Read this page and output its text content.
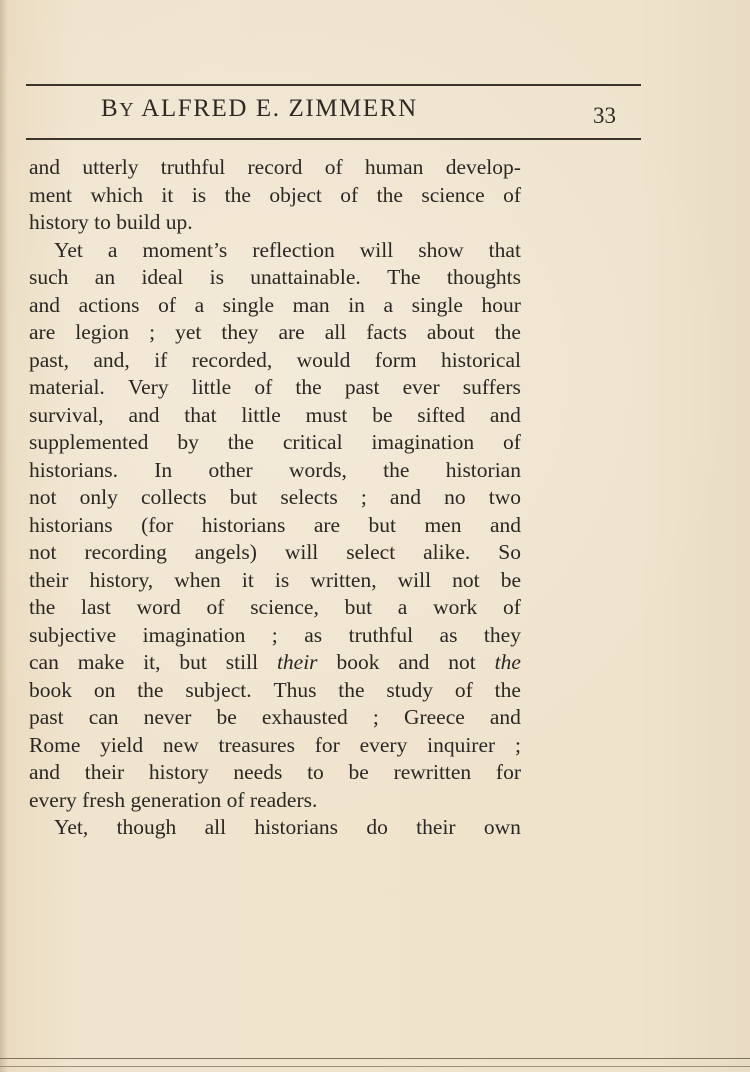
BY ALFRED E. ZIMMERN	33
and utterly truthful record of human develop-
ment which it is the object of the science of
history to build up.
Yet a moment’s reflection will show that
such an ideal is unattainable. The thoughts
and actions of a single man in a single hour
are legion ; yet they are all facts about the
past, and, if recorded, would form historical
material. Very little of the past ever suffers
survival, and that little must be sifted and
supplemented by the critical imagination of
historians. In other words, the historian
not only collects but selects ; and no two
historians (for historians are but men and
not recording angels) will select alike. So
their history, when it is written, will not be
the last word of science, but a work of
subjective imagination ; as truthful as they
can make it, but still their book and not the
book on the subject. Thus the study of the
past can never be exhausted ; Greece and
Rome yield new treasures for every inquirer ;
and their history needs to be rewritten for
every fresh generation of readers.
Yet, though all historians do their own
